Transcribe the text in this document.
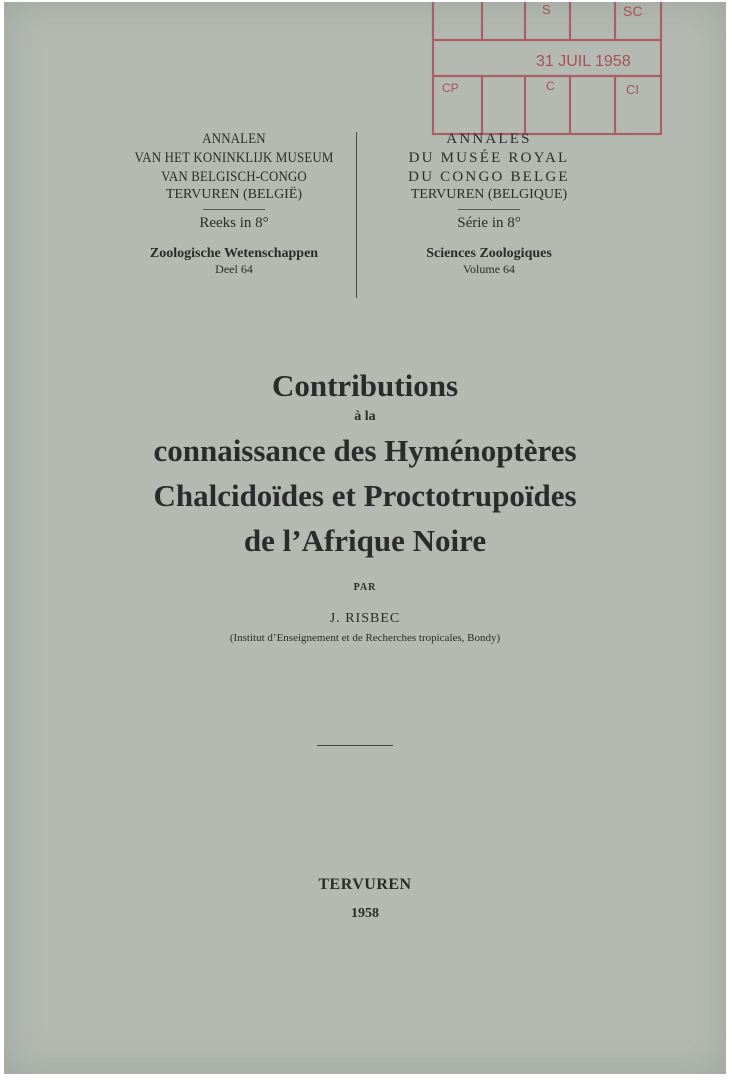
S	SC
31 JUIL 1958
CP	C	CI
ANNALEN
VAN HET KONINKLIJK MUSEUM
VAN BELGISCH-CONGO
TERVUREN (BELGIË)
Reeks in 8°
Zoologische Wetenschappen
Deel 64
ANNALES
DU MUSÉE ROYAL
DU CONGO BELGE
TERVUREN (BELGIQUE)
Série in 8°
Sciences Zoologiques
Volume 64
Contributions
à la
connaissance des Hyménoptères
Chalcidoïdes et Proctotrupoïdes
de l’Afrique Noire
PAR
J. RISBEC
(Institut d’Enseignement et de Recherches tropicales, Bondy)
TERVUREN
1958
